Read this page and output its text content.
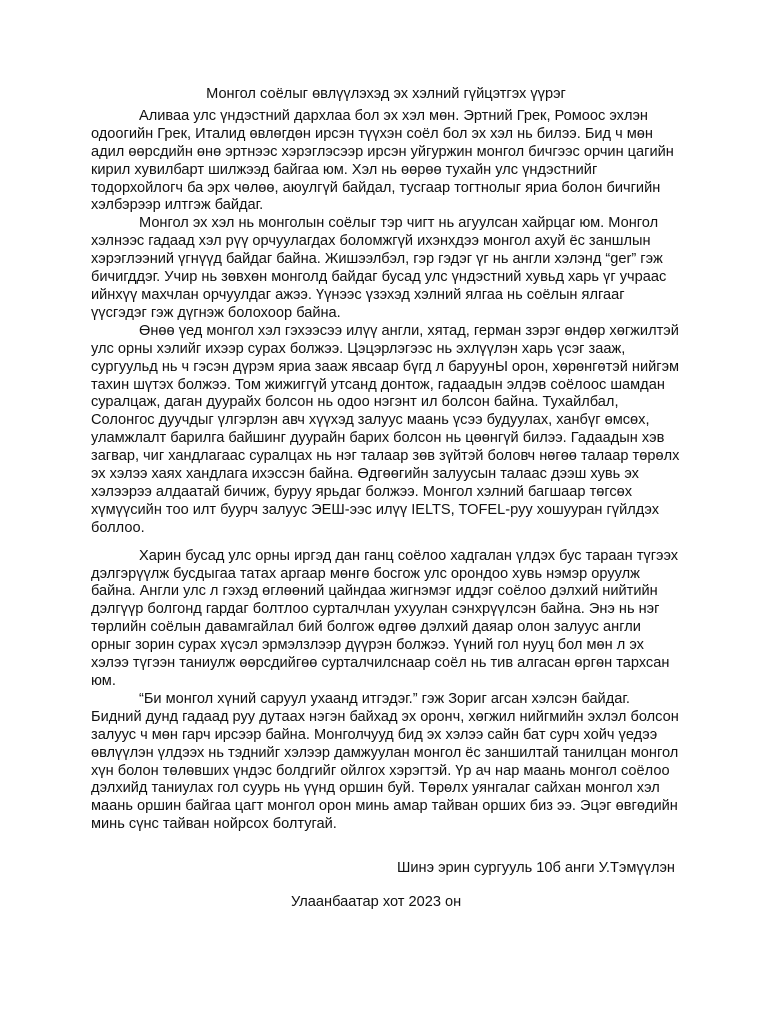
Монгол соёлыг өвлүүлэхэд эх хэлний гүйцэтгэх үүрэг

Аливаа улс үндэстний дархлаа бол эх хэл мөн. Эртний Грек, Ромоос эхлэн одоогийн Грек, Италид өвлөгдөн ирсэн түүхэн соёл бол эх хэл нь билээ. Бид ч мөн адил өөрсдийн өнө эртнээс хэрэглэсээр ирсэн уйгуржин монгол бичгээс орчин цагийн кирил хувилбарт шилжээд байгаа юм. Хэл нь өөрөө тухайн улс үндэстнийг тодорхойлогч ба эрх чөлөө, аюулгүй байдал, тусгаар тогтнолыг яриа болон бичгийн хэлбэрээр илтгэж байдаг.

Монгол эх хэл нь монголын соёлыг тэр чигт нь агуулсан хайрцаг юм. Монгол хэлнээс гадаад хэл рүү орчуулагдах боломжгүй ихэнхдээ монгол ахуй ёс заншлын хэрэглээний үгнүүд байдаг байна. Жишээлбэл, гэр гэдэг үг нь англи хэлэнд “ger” гэж бичигддэг. Учир нь зөвхөн монголд байдаг бусад улс үндэстний хувьд харь үг учраас ийнхүү махчлан орчуулдаг ажээ. Үүнээс үзэхэд хэлний ялгаа нь соёлын ялгааг үүсгэдэг гэж дүгнэж болохоор байна.

Өнөө үед монгол хэл гэхээсээ илүү англи, хятад, герман зэрэг өндөр хөгжилтэй улс орны хэлийг ихээр сурах болжээ. Цэцэрлэгээс нь эхлүүлэн харь үсэг зааж, сургуульд нь ч гэсэн дүрэм яриа зааж явсаар бүгд л баруунЫ орон, хөрөнгөтэй нийгэм тахин шүтэх болжээ. Том жижиггүй утсанд донтож, гадаадын элдэв соёлоос шамдан суралцаж, даган дуурайх болсон нь одоо нэгэнт ил болсон байна. Тухайлбал, Солонгос дуучдыг үлгэрлэн авч хүүхэд залуус маань үсээ будуулах, ханбүг өмсөх, уламжлалт барилга байшинг дуурайн барих болсон нь цөөнгүй билээ. Гадаадын хэв загвар, чиг хандлагаас суралцах нь нэг талаар зөв зүйтэй боловч нөгөө талаар төрөлх эх хэлээ хаях хандлага ихэссэн байна. Өдгөөгийн залуусын талаас дээш хувь эх хэлээрээ алдаатай бичиж, буруу ярьдаг болжээ. Монгол хэлний багшаар төгсөх хүмүүсийн тоо илт буурч залуус ЭЕШ-ээс илүү IELTS, TOFEL-руу хошууран гүйлдэх боллоо.

Харин бусад улс орны иргэд дан ганц соёлоо хадгалан үлдэх бус тараан түгээх дэлгэрүүлж бусдыгаа татах аргаар мөнгө босгож улс орондоо хувь нэмэр оруулж байна. Англи улс л гэхэд өглөөний цайндаа жигнэмэг иддэг соёлоо дэлхий нийтийн дэлгүүр болгонд гардаг болтлоо сурталчлан ухуулан сэнхрүүлсэн байна. Энэ нь нэг төрлийн соёлын давамгайлал бий болгож өдгөө дэлхий даяар олон залуус англи орныг зорин сурах хүсэл эрмэлзлээр дүүрэн болжээ. Үүний гол нууц бол мөн л эх хэлээ түгээн таниулж өөрсдийгөө сурталчилснаар соёл нь тив алгасан өргөн тархсан юм.

“Би монгол хүний саруул ухаанд итгэдэг.” гэж Зориг агсан хэлсэн байдаг. Бидний дунд гадаад руу дутаах нэгэн байхад эх оронч, хөгжил нийгмийн эхлэл болсон залуус ч мөн гарч ирсээр байна. Монголчууд бид эх хэлээ сайн бат сурч хойч үедээ өвлүүлэн үлдээх нь тэднийг хэлээр дамжуулан монгол ёс заншилтай танилцан монгол хүн болон төлөвших үндэс болдгийг ойлгох хэрэгтэй. Үр ач нар маань монгол соёлоо дэлхийд таниулах гол суурь нь үүнд оршин буй. Төрөлх уянгалаг сайхан монгол хэл маань оршин байгаа цагт монгол орон минь амар тайван орших биз ээ. Эцэг өвгөдийн минь сүнс тайван нойрсох болтугай.

Шинэ эрин сургууль 10б анги У.Тэмүүлэн
Улаанбаатар хот 2023 он
